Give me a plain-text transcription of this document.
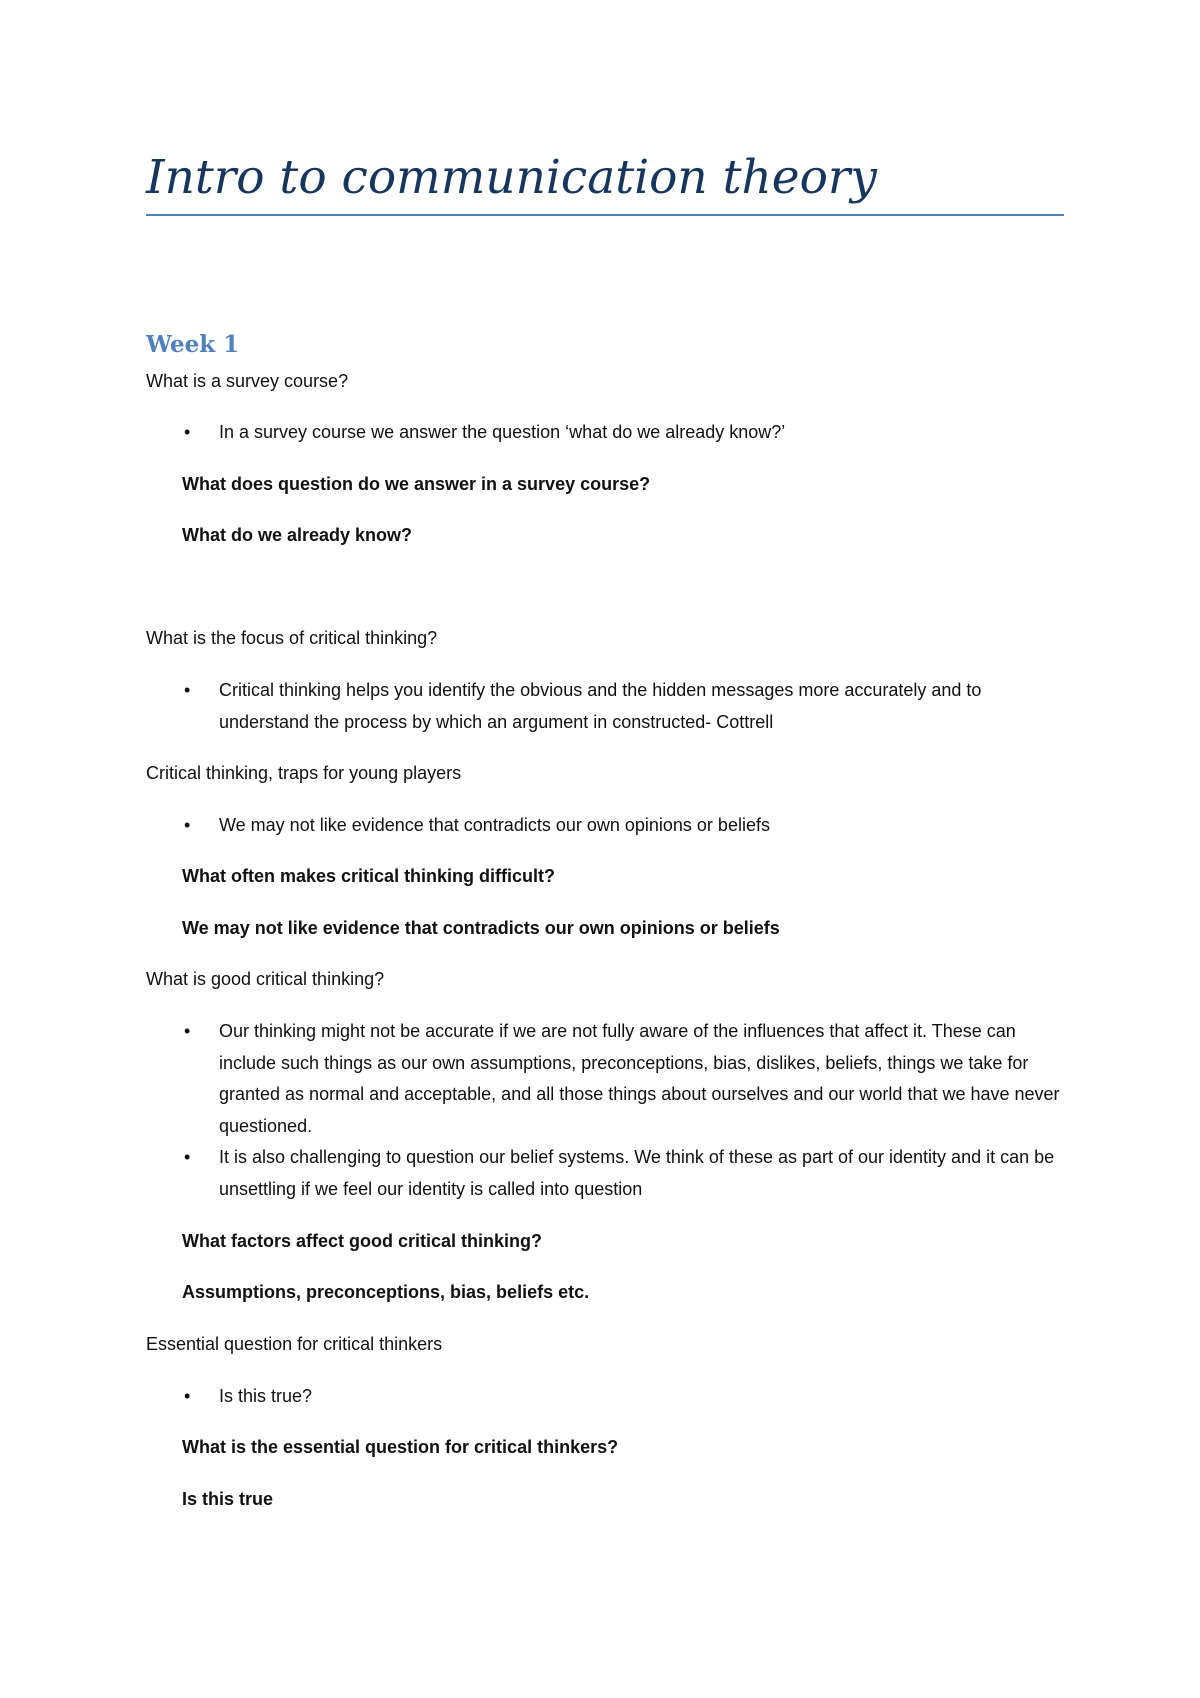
Intro to communication theory
Week 1

What is a survey course?

• In a survey course we answer the question ‘what do we already know?’

What does question do we answer in a survey course?

What do we already know?

What is the focus of critical thinking?

• Critical thinking helps you identify the obvious and the hidden messages more accurately and to understand the process by which an argument in constructed- Cottrell

Critical thinking, traps for young players

• We may not like evidence that contradicts our own opinions or beliefs

What often makes critical thinking difficult?

We may not like evidence that contradicts our own opinions or beliefs

What is good critical thinking?

• Our thinking might not be accurate if we are not fully aware of the influences that affect it. These can include such things as our own assumptions, preconceptions, bias, dislikes, beliefs, things we take for granted as normal and acceptable, and all those things about ourselves and our world that we have never questioned.

• It is also challenging to question our belief systems. We think of these as part of our identity and it can be unsettling if we feel our identity is called into question

What factors affect good critical thinking?

Assumptions, preconceptions, bias, beliefs etc.

Essential question for critical thinkers

• Is this true?

What is the essential question for critical thinkers?

Is this true
